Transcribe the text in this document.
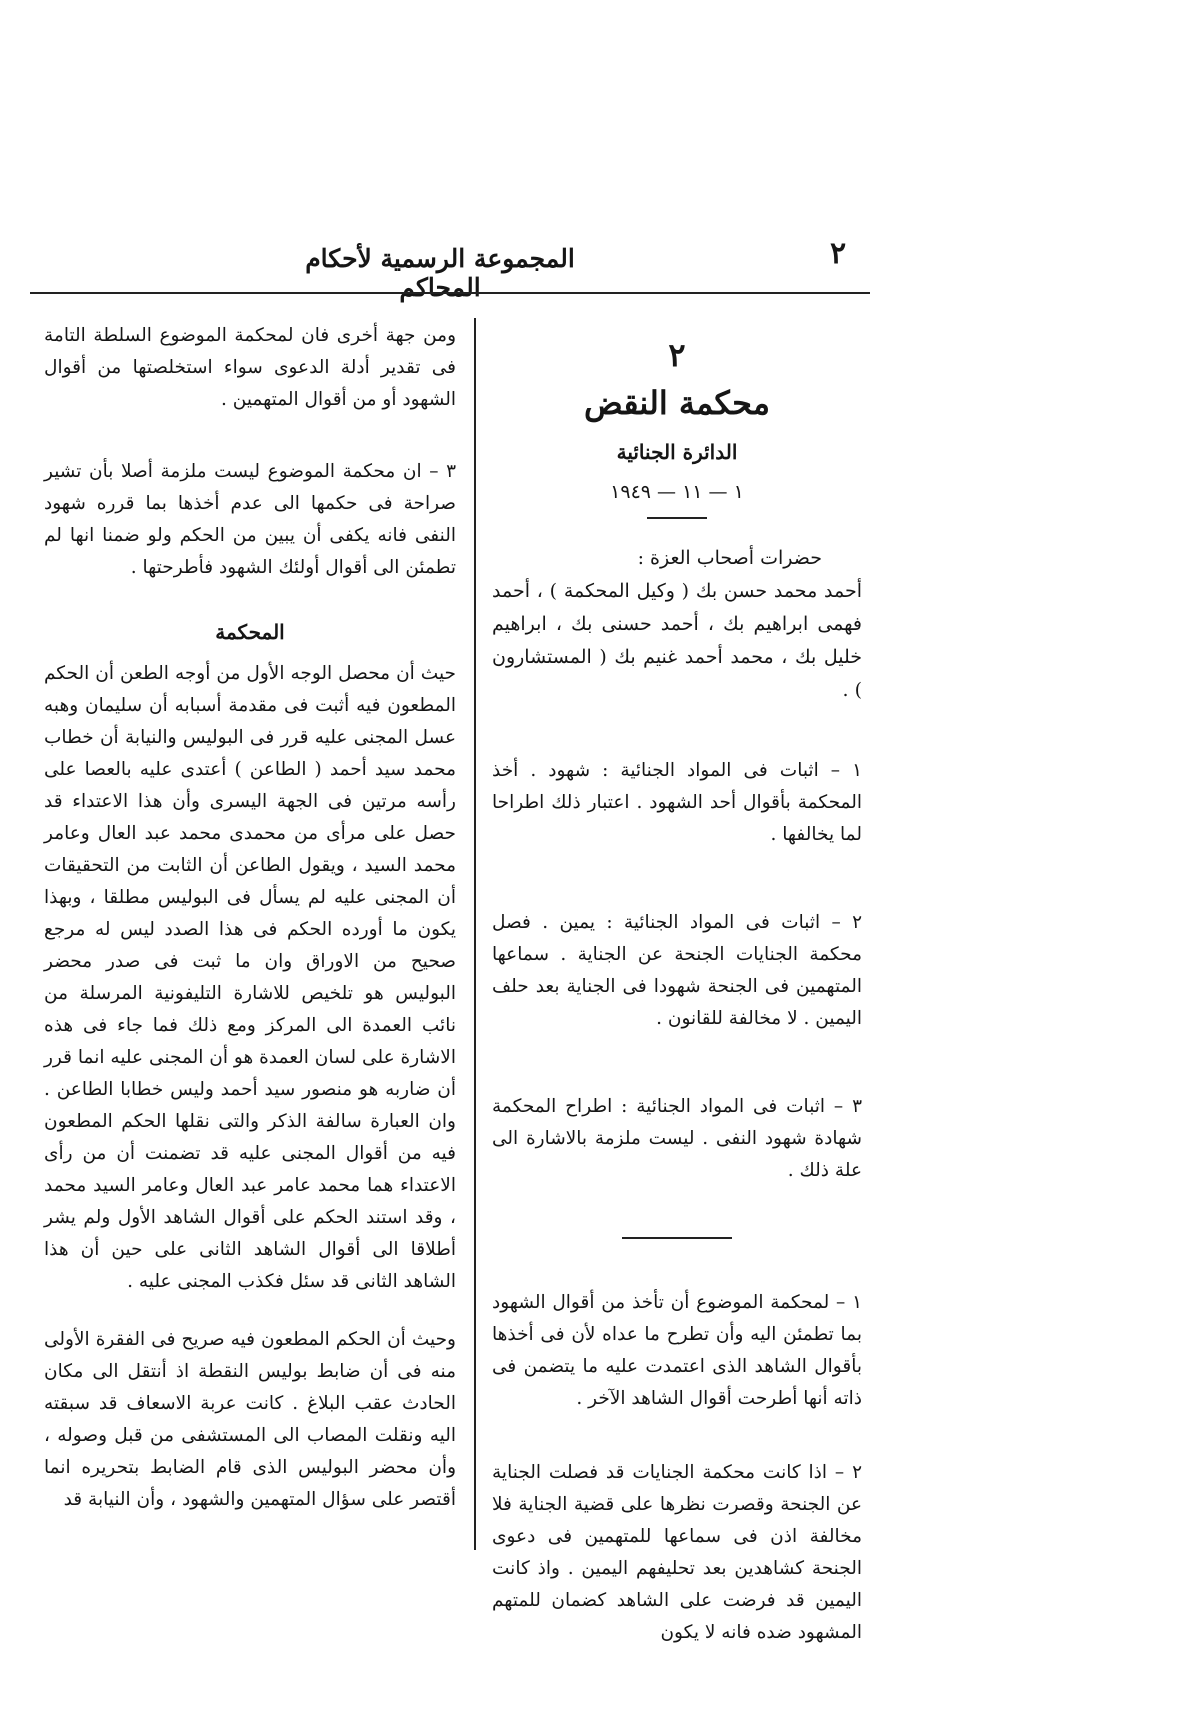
٢
المجموعة الرسمية لأحكام المحاكم
٢
محكمة النقض
الدائرة الجنائية
١ — ١١ — ١٩٤٩
حضرات أصحاب العزة :
أحمد محمد حسن بك ( وكيل المحكمة ) ، أحمد فهمى ابراهيم بك ، أحمد حسنى بك ، ابراهيم خليل بك ، محمد أحمد غنيم بك ( المستشارون ) .
١ – اثبات فى المواد الجنائية : شهود . أخذ المحكمة بأقوال أحد الشهود . اعتبار ذلك اطراحا لما يخالفها .
٢ – اثبات فى المواد الجنائية : يمين . فصل محكمة الجنايات الجنحة عن الجناية . سماعها المتهمين فى الجنحة شهودا فى الجناية بعد حلف اليمين . لا مخالفة للقانون .
٣ – اثبات فى المواد الجنائية : اطراح المحكمة شهادة شهود النفى . ليست ملزمة بالاشارة الى علة ذلك .
١ – لمحكمة الموضوع أن تأخذ من أقوال الشهود بما تطمئن اليه وأن تطرح ما عداه لأن فى أخذها بأقوال الشاهد الذى اعتمدت عليه ما يتضمن فى ذاته أنها أطرحت أقوال الشاهد الآخر .
٢ – اذا كانت محكمة الجنايات قد فصلت الجناية عن الجنحة وقصرت نظرها على قضية الجناية فلا مخالفة اذن فى سماعها للمتهمين فى دعوى الجنحة كشاهدين بعد تحليفهم اليمين . واذ كانت اليمين قد فرضت على الشاهد كضمان للمتهم المشهود ضده فانه لا يكون
ومن جهة أخرى فان لمحكمة الموضوع السلطة التامة فى تقدير أدلة الدعوى سواء استخلصتها من أقوال الشهود أو من أقوال المتهمين .
٣ – ان محكمة الموضوع ليست ملزمة أصلا بأن تشير صراحة فى حكمها الى عدم أخذها بما قرره شهود النفى فانه يكفى أن يبين من الحكم ولو ضمنا انها لم تطمئن الى أقوال أولئك الشهود فأطرحتها .
المحكمة
حيث أن محصل الوجه الأول من أوجه الطعن أن الحكم المطعون فيه أثبت فى مقدمة أسبابه أن سليمان وهبه عسل المجنى عليه قرر فى البوليس والنيابة أن خطاب محمد سيد أحمد ( الطاعن ) أعتدى عليه بالعصا على رأسه مرتين فى الجهة اليسرى وأن هذا الاعتداء قد حصل على مرأى من محمدى محمد عبد العال وعامر محمد السيد ، ويقول الطاعن أن الثابت من التحقيقات أن المجنى عليه لم يسأل فى البوليس مطلقا ، وبهذا يكون ما أورده الحكم فى هذا الصدد ليس له مرجع صحيح من الاوراق وان ما ثبت فى صدر محضر البوليس هو تلخيص للاشارة التليفونية المرسلة من نائب العمدة الى المركز ومع ذلك فما جاء فى هذه الاشارة على لسان العمدة هو أن المجنى عليه انما قرر أن ضاربه هو منصور سيد أحمد وليس خطابا الطاعن . وان العبارة سالفة الذكر والتى نقلها الحكم المطعون فيه من أقوال المجنى عليه قد تضمنت أن من رأى الاعتداء هما محمد عامر عبد العال وعامر السيد محمد ، وقد استند الحكم على أقوال الشاهد الأول ولم يشر أطلاقا الى أقوال الشاهد الثانى على حين أن هذا الشاهد الثانى قد سئل فكذب المجنى عليه .
وحيث أن الحكم المطعون فيه صريح فى الفقرة الأولى منه فى أن ضابط بوليس النقطة اذ أنتقل الى مكان الحادث عقب البلاغ . كانت عربة الاسعاف قد سبقته اليه ونقلت المصاب الى المستشفى من قبل وصوله ، وأن محضر البوليس الذى قام الضابط بتحريره انما أقتصر على سؤال المتهمين والشهود ، وأن النيابة قد
